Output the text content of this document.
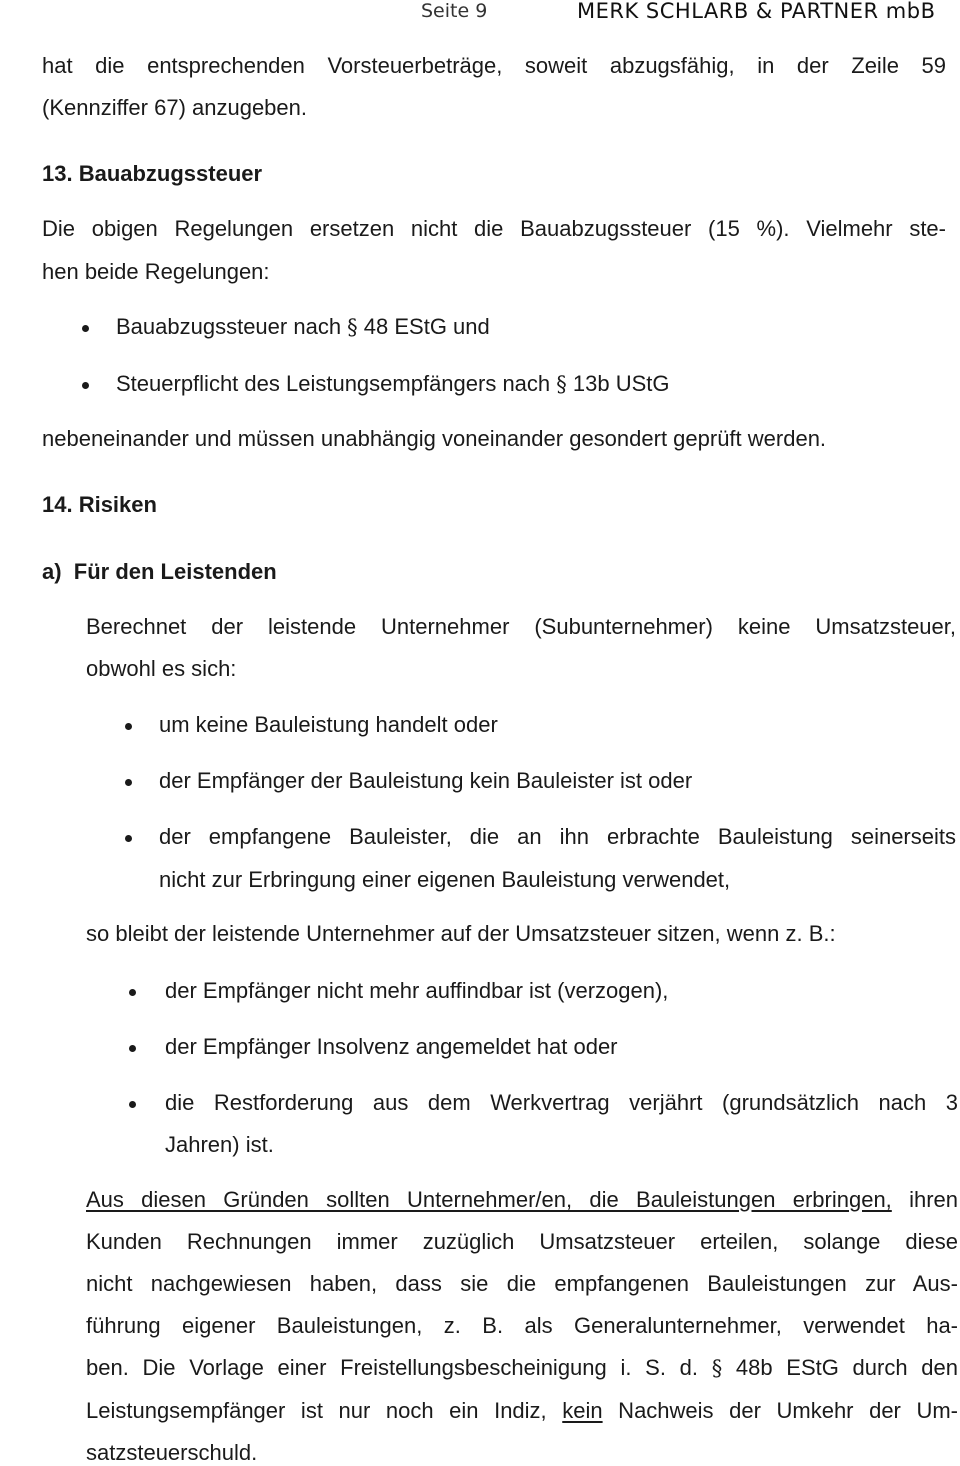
Seite 9	MERK SCHLARB & PARTNER mbB
hat die entsprechenden Vorsteuerbeträge, soweit abzugsfähig, in der Zeile 59
(Kennziffer 67) anzugeben.
13. Bauabzugssteuer
Die obigen Regelungen ersetzen nicht die Bauabzugssteuer (15 %). Vielmehr ste-
hen beide Regelungen:
Bauabzugssteuer nach § 48 EStG und
Steuerpflicht des Leistungsempfängers nach § 13b UStG
nebeneinander und müssen unabhängig voneinander gesondert geprüft werden.
14. Risiken
a)  Für den Leistenden
Berechnet der leistende Unternehmer (Subunternehmer) keine Umsatzsteuer,
obwohl es sich:
um keine Bauleistung handelt oder
der Empfänger der Bauleistung kein Bauleister ist oder
der empfangene Bauleister, die an ihn erbrachte Bauleistung seinerseits
nicht zur Erbringung einer eigenen Bauleistung verwendet,
so bleibt der leistende Unternehmer auf der Umsatzsteuer sitzen, wenn z. B.:
der Empfänger nicht mehr auffindbar ist (verzogen),
der Empfänger Insolvenz angemeldet hat oder
die Restforderung aus dem Werkvertrag verjährt (grundsätzlich nach 3
Jahren) ist.
Aus diesen Gründen sollten Unternehmer/en, die Bauleistungen erbringen, ihren
Kunden Rechnungen immer zuzüglich Umsatzsteuer erteilen, solange diese
nicht nachgewiesen haben, dass sie die empfangenen Bauleistungen zur Aus-
führung eigener Bauleistungen, z. B. als Generalunternehmer, verwendet ha-
ben. Die Vorlage einer Freistellungsbescheinigung i. S. d. § 48b EStG durch den
Leistungsempfänger ist nur noch ein Indiz, kein Nachweis der Umkehr der Um-
satzsteuerschuld.
